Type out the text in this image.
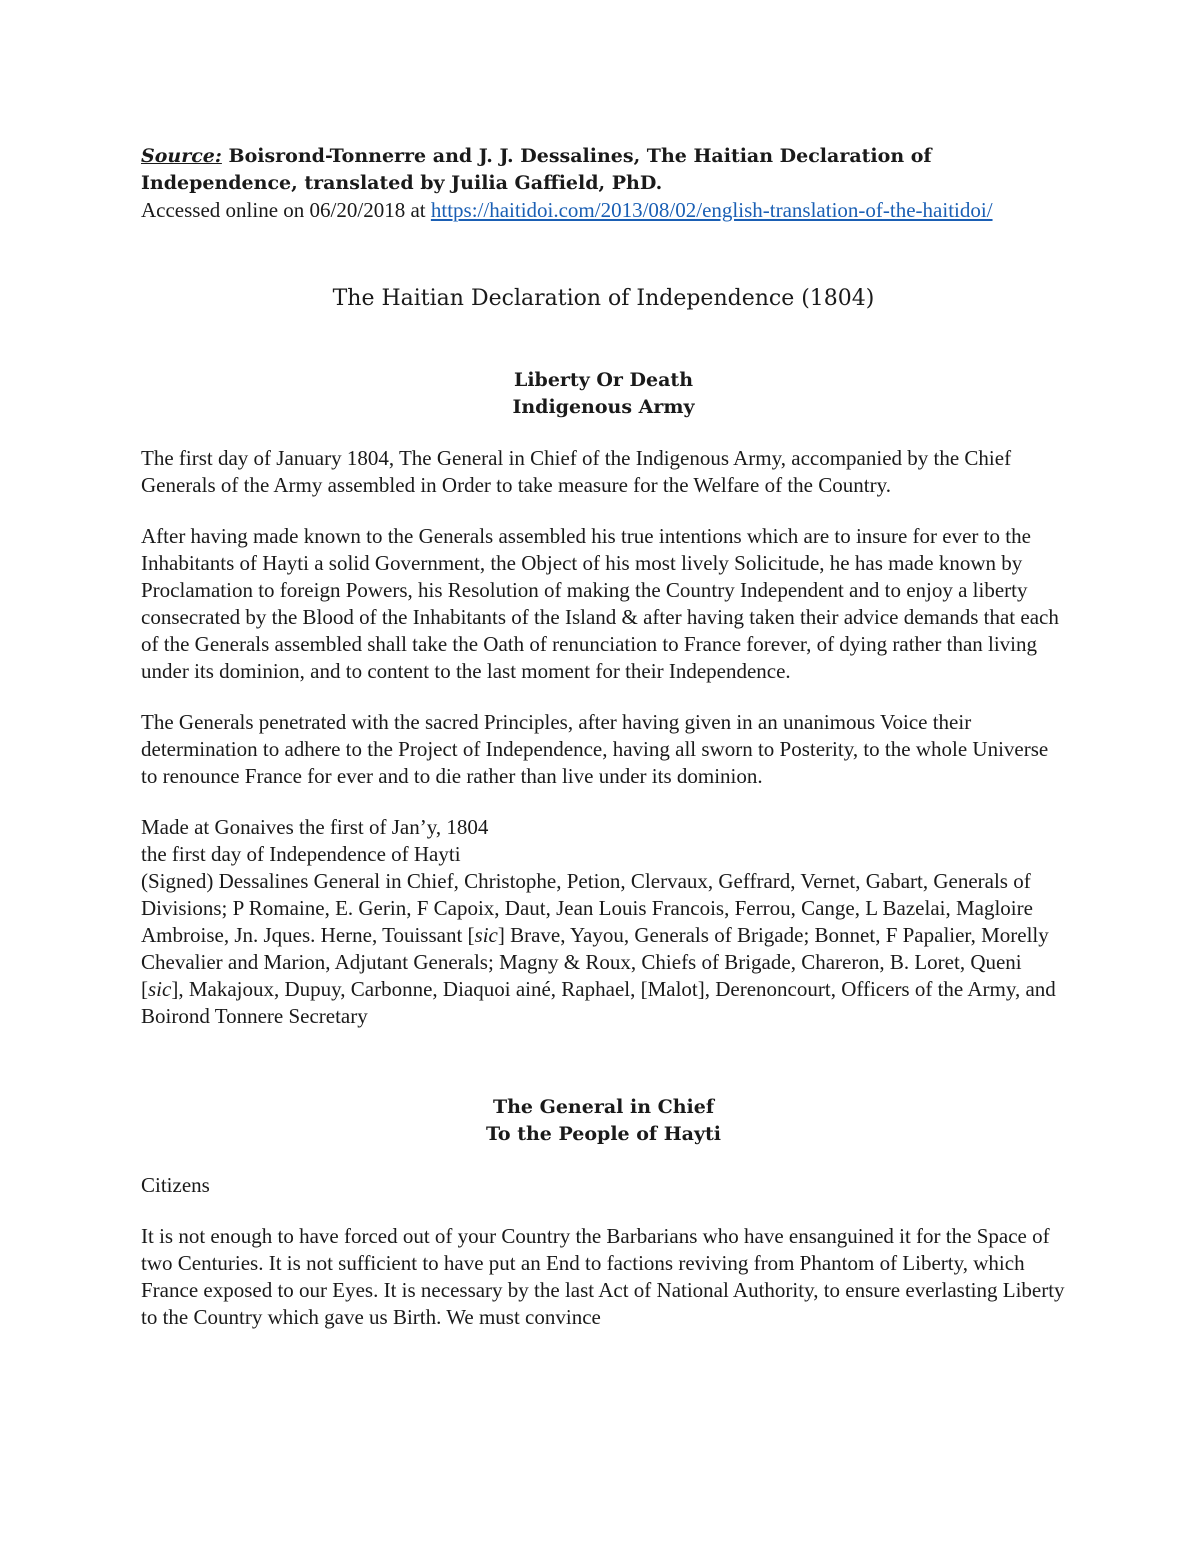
Source: Boisrond-Tonnerre and J. J. Dessalines, The Haitian Declaration of Independence, translated by Juilia Gaffield, PhD.
Accessed online on 06/20/2018 at https://haitidoi.com/2013/08/02/english-translation-of-the-haitidoi/
The Haitian Declaration of Independence (1804)

Liberty Or Death

Indigenous Army

The first day of January 1804, The General in Chief of the Indigenous Army, accompanied by the Chief Generals of the Army assembled in Order to take measure for the Welfare of the Country.

After having made known to the Generals assembled his true intentions which are to insure for ever to the Inhabitants of Hayti a solid Government, the Object of his most lively Solicitude, he has made known by Proclamation to foreign Powers, his Resolution of making the Country Independent and to enjoy a liberty consecrated by the Blood of the Inhabitants of the Island & after having taken their advice demands that each of the Generals assembled shall take the Oath of renunciation to France forever, of dying rather than living under its dominion, and to content to the last moment for their Independence.

The Generals penetrated with the sacred Principles, after having given in an unanimous Voice their determination to adhere to the Project of Independence, having all sworn to Posterity, to the whole Universe to renounce France for ever and to die rather than live under its dominion.

Made at Gonaives the first of Jan’y, 1804
the first day of Independence of Hayti
(Signed) Dessalines General in Chief, Christophe, Petion, Clervaux, Geffrard, Vernet, Gabart, Generals of Divisions; P Romaine, E. Gerin, F Capoix, Daut, Jean Louis Francois, Ferrou, Cange, L Bazelai, Magloire Ambroise, Jn. Jques. Herne, Touissant [sic] Brave, Yayou, Generals of Brigade; Bonnet, F Papalier, Morelly Chevalier and Marion, Adjutant Generals; Magny & Roux, Chiefs of Brigade, Chareron, B. Loret, Queni [sic], Makajoux, Dupuy, Carbonne, Diaquoi ainé, Raphael, [Malot], Derenoncourt, Officers of the Army, and Boirond Tonnere Secretary

The General in Chief

To the People of Hayti

Citizens

It is not enough to have forced out of your Country the Barbarians who have ensanguined it for the Space of two Centuries. It is not sufficient to have put an End to factions reviving from Phantom of Liberty, which France exposed to our Eyes. It is necessary by the last Act of National Authority, to ensure everlasting Liberty to the Country which gave us Birth. We must convince
